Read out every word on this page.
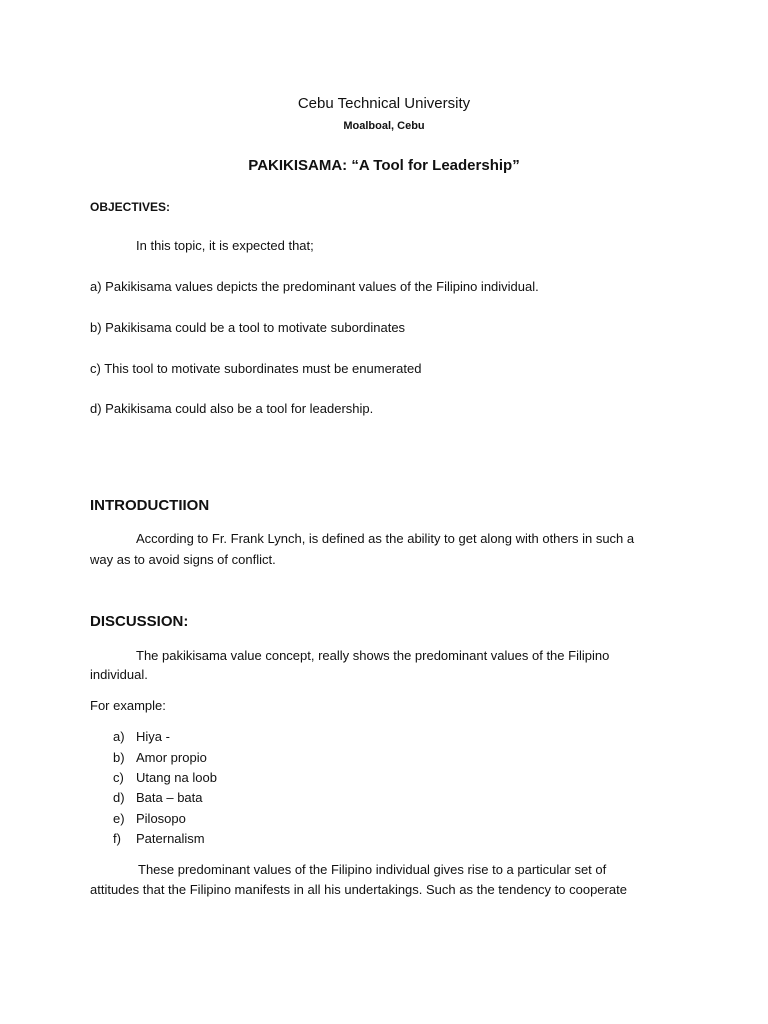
Cebu Technical University
Moalboal, Cebu
PAKIKISAMA: “A Tool for Leadership”
OBJECTIVES:
In this topic, it is expected that;
a) Pakikisama values depicts the predominant values of the Filipino individual.
b) Pakikisama could be a tool to motivate subordinates
c) This tool to motivate subordinates must be enumerated
d) Pakikisama could also be a tool for leadership.
INTRODUCTIION
According to Fr. Frank Lynch, is defined as the ability to get along with others in such a
way as to avoid signs of conflict.
DISCUSSION:
The pakikisama value concept, really shows the predominant values of the Filipino
individual.
For example:
a) Hiya -
b) Amor propio
c) Utang na loob
d) Bata – bata
e) Pilosopo
f) Paternalism
These predominant values of the Filipino individual gives rise to a particular set of
attitudes that the Filipino manifests in all his undertakings. Such as the tendency to cooperate
